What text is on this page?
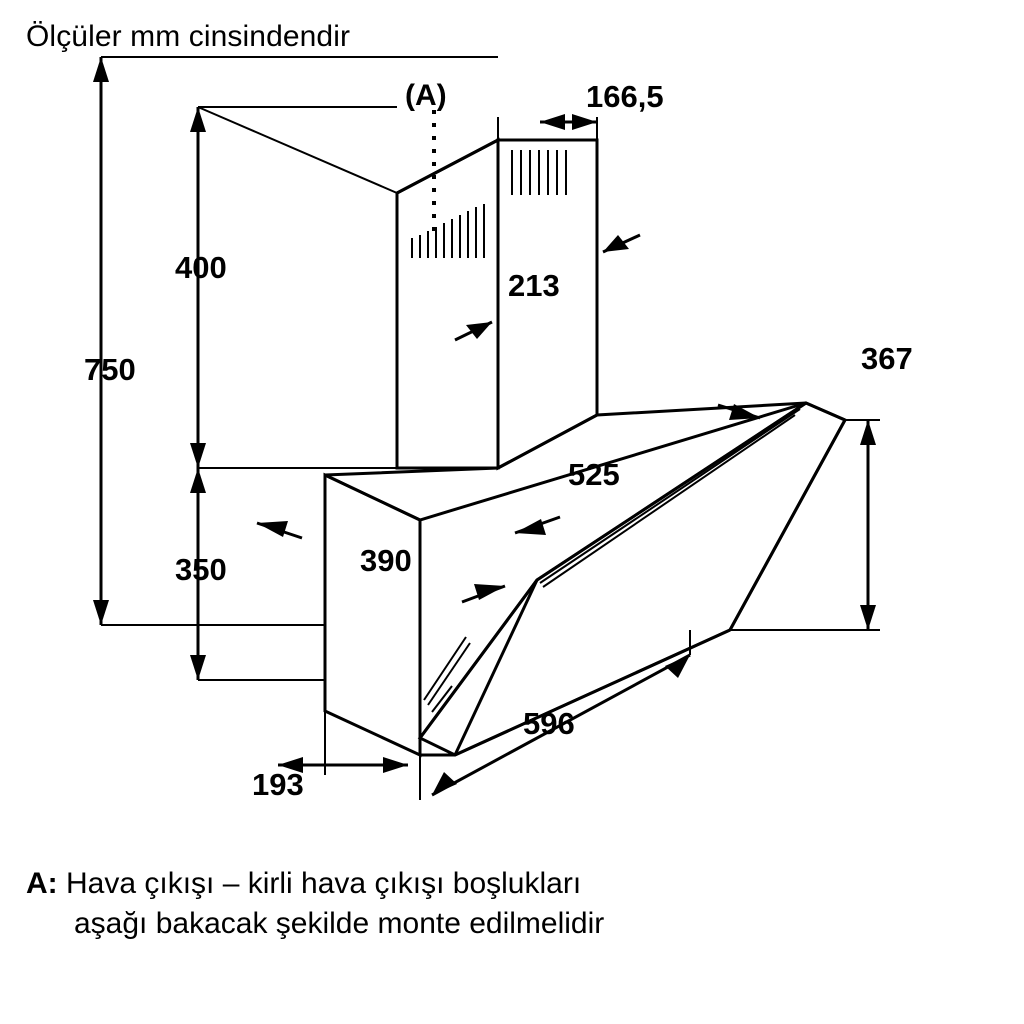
Ölçüler mm cinsindendir
(A)
750
400
350
166,5
213
525
390
367
596
193
A: Hava çıkışı – kirli hava çıkışı boşlukları
aşağı bakacak şekilde monte edilmelidir
